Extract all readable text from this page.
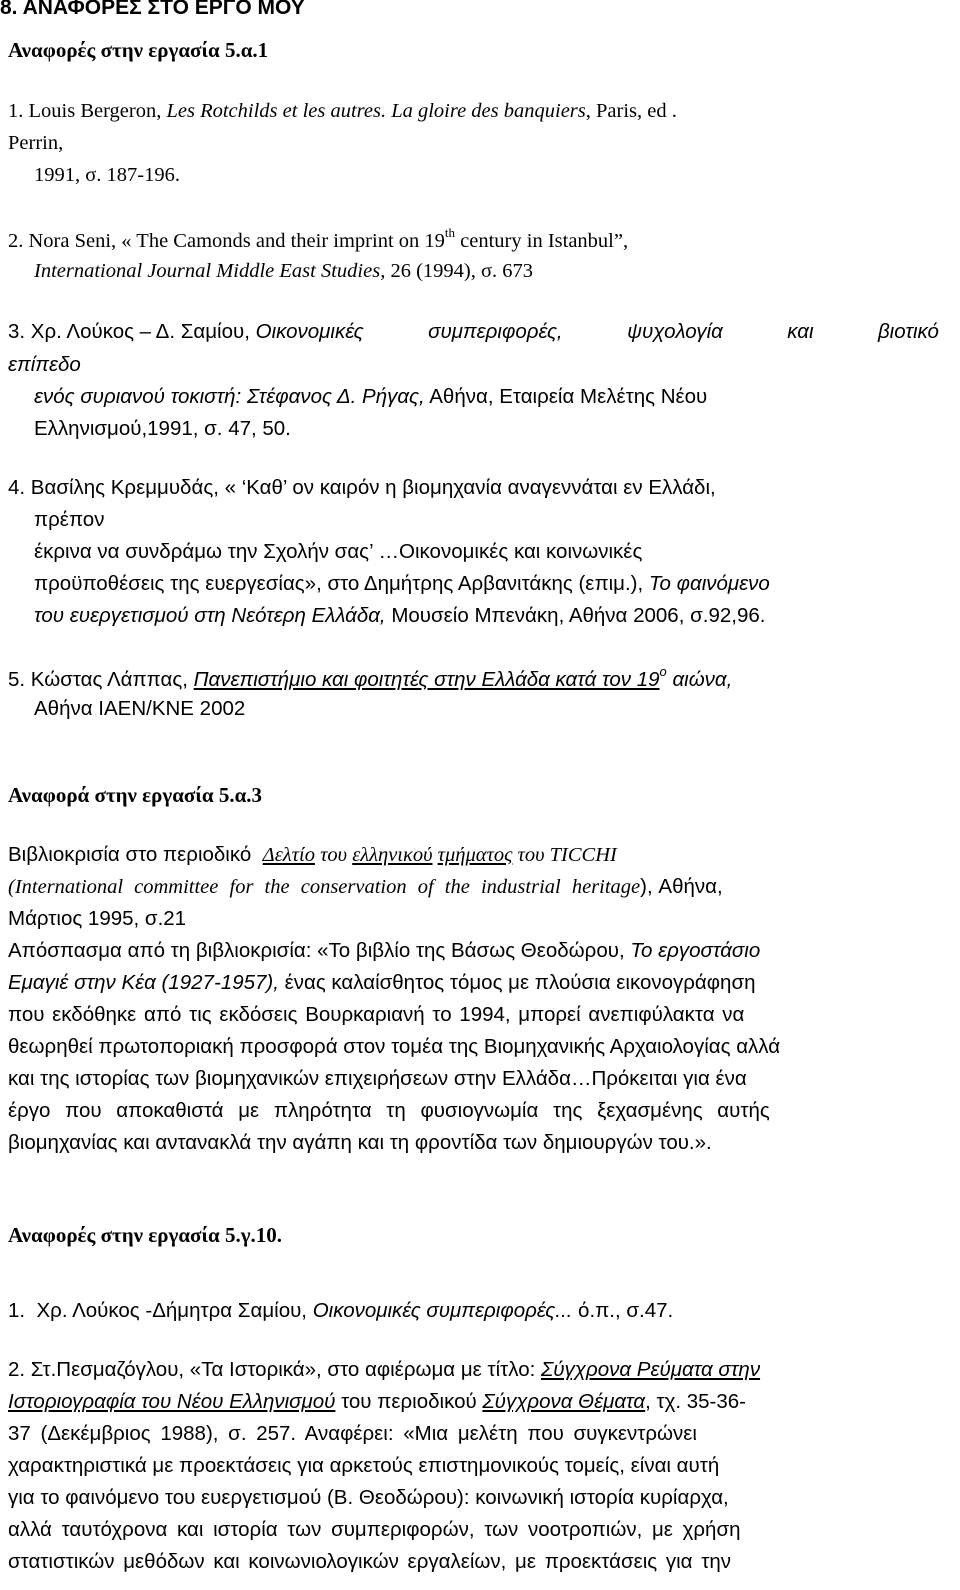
8. ΑΝΑΦΟΡΕΣ ΣΤΟ ΕΡΓΟ ΜΟΥ
Αναφορές στην εργασία 5.α.1
1. Louis Bergeron, Les Rotchilds et les autres. La gloire des banquiers, Paris, ed .
Perrin,
1991, σ. 187-196.
2. Nora Seni, « The Camonds and their imprint on 19th century in Istanbul”,
International Journal Middle East Studies, 26 (1994), σ. 673
3. Χρ. Λούκος – Δ. Σαμίου, Οικονομικές	συμπεριφορές,	ψυχολογία	και	βιοτικό
επίπεδο
ενός συριανού τοκιστή: Στέφανος Δ. Ρήγας, Αθήνα, Εταιρεία Μελέτης Νέου
Ελληνισμού,1991, σ. 47, 50.
4. Βασίλης Κρεμμυδάς, « ‘Καθ’ ον καιρόν η βιομηχανία αναγεννάται εν Ελλάδι,
πρέπον
έκρινα να συνδράμω την Σχολήν σας’ …Οικονομικές και κοινωνικές
προϋποθέσεις της ευεργεσίας», στο Δημήτρης Αρβανιτάκης (επιμ.), Το φαινόμενο
του ευεργετισμού στη Νεότερη Ελλάδα, Μουσείο Μπενάκη, Αθήνα 2006, σ.92,96.
5. Κώστας Λάππας, Πανεπιστήμιο και φοιτητές στην Ελλάδα κατά τον $19^o$ αιώνα,
Αθήνα ΙΑΕΝ/ΚΝΕ 2002
Αναφορά στην εργασία 5.α.3
Βιβλιοκρισία στο περιοδικό  Δελτίο του ελληνικού τμήματος του TICCHI
(International committee for the conservation of the industrial heritage), Αθήνα,
Μάρτιος 1995, σ.21
Απόσπασμα από τη βιβλιοκρισία: «Το βιβλίο της Βάσως Θεοδώρου, Το εργοστάσιο
Εμαγιέ στην Κέα (1927-1957), ένας καλαίσθητος τόμος με πλούσια εικονογράφηση
που εκδόθηκε από τις εκδόσεις Βουρκαριανή το 1994, μπορεί ανεπιφύλακτα να
θεωρηθεί πρωτοποριακή προσφορά στον τομέα της Βιομηχανικής Αρχαιολογίας αλλά
και της ιστορίας των βιομηχανικών επιχειρήσεων στην Ελλάδα…Πρόκειται για ένα
έργο που αποκαθιστά με πληρότητα τη φυσιογνωμία της ξεχασμένης αυτής
βιομηχανίας και αντανακλά την αγάπη και τη φροντίδα των δημιουργών του.».
Αναφορές στην εργασία 5.γ.10.
1.  Χρ. Λούκος -Δήμητρα Σαμίου, Οικονομικές συμπεριφορές... ό.π., σ.47.
2. Στ.Πεσμαζόγλου, «Τα Ιστορικά», στο αφιέρωμα με τίτλο: Σύγχρονα Ρεύματα στην
Ιστοριογραφία του Νέου Ελληνισμού του περιοδικού Σύγχρονα Θέματα, τχ. 35-36-
37 (Δεκέμβριος 1988), σ. 257. Αναφέρει: «Μια μελέτη που συγκεντρώνει
χαρακτηριστικά με προεκτάσεις για αρκετούς επιστημονικούς τομείς, είναι αυτή
για το φαινόμενο του ευεργετισμού (Β. Θεοδώρου): κοινωνική ιστορία κυρίαρχα,
αλλά ταυτόχρονα και ιστορία των συμπεριφορών, των νοοτροπιών, με χρήση
στατιστικών μεθόδων και κοινωνιολογικών εργαλείων, με προεκτάσεις για την
